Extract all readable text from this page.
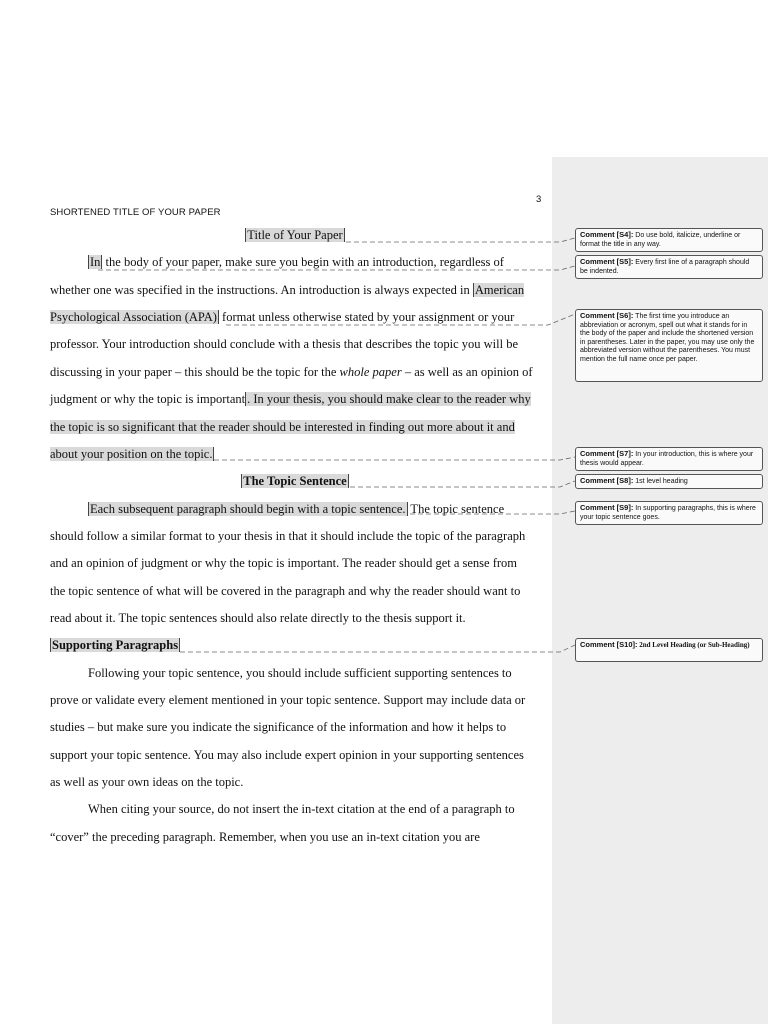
3
SHORTENED TITLE OF YOUR PAPER
Title of Your Paper
In the body of your paper, make sure you begin with an introduction, regardless of
whether one was specified in the instructions. An introduction is always expected in American
Psychological Association (APA) format unless otherwise stated by your assignment or your
professor. Your introduction should conclude with a thesis that describes the topic you will be
discussing in your paper – this should be the topic for the whole paper – as well as an opinion of
judgment or why the topic is important . In your thesis, you should make clear to the reader why
the topic is so significant that the reader should be interested in finding out more about it and
about your position on the topic.
The Topic Sentence
Each subsequent paragraph should begin with a topic sentence. The topic sentence
should follow a similar format to your thesis in that it should include the topic of the paragraph
and an opinion of judgment or why the topic is important. The reader should get a sense from
the topic sentence of what will be covered in the paragraph and why the reader should want to
read about it. The topic sentences should also relate directly to the thesis support it.
Supporting Paragraphs
Following your topic sentence, you should include sufficient supporting sentences to
prove or validate every element mentioned in your topic sentence. Support may include data or
studies – but make sure you indicate the significance of the information and how it helps to
support your topic sentence. You may also include expert opinion in your supporting sentences
as well as your own ideas on the topic.
When citing your source, do not insert the in-text citation at the end of a paragraph to
“cover” the preceding paragraph. Remember, when you use an in-text citation you are
Comment [S4]: Do use bold, italicize, underline or format the title in any way.
Comment [S5]: Every first line of a paragraph should be indented.
Comment [S6]: The first time you introduce an abbreviation or acronym, spell out what it stands for in the body of the paper and include the shortened version in parentheses. Later in the paper, you may use only the abbreviated version without the parentheses. You must mention the full name once per paper.
Comment [S7]: In your introduction, this is where your thesis would appear.
Comment [S8]: 1st level heading
Comment [S9]: In supporting paragraphs, this is where your topic sentence goes.
Comment [S10]: 2nd Level Heading (or Sub-Heading)
